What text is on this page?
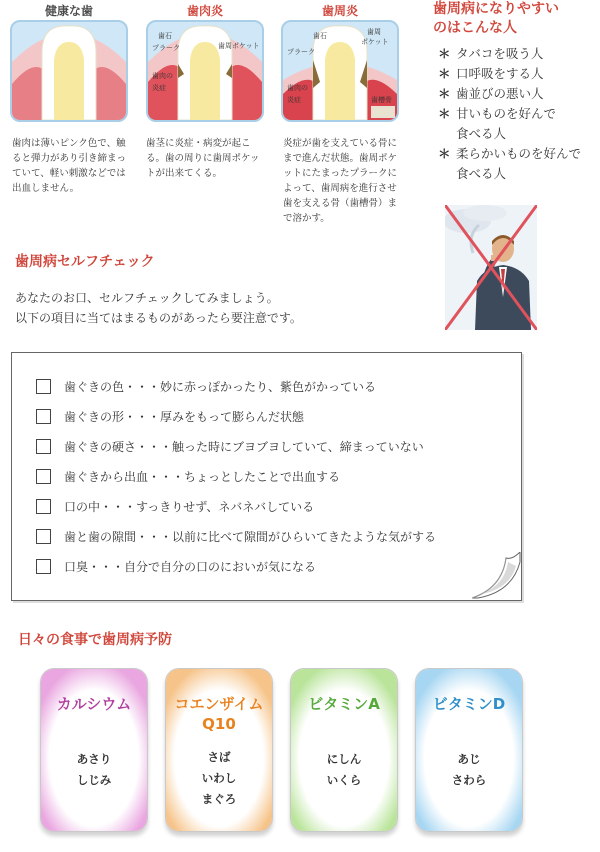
健康な歯
歯肉は薄いピンク色で、触ると弾力があり引き締まっていて、軽い刺激などでは出血しません。
歯肉炎
歯石
プラーク	歯周ポケット
歯肉の
炎症
歯茎に炎症・病変が起こる。歯の周りに歯周ポケットが出来てくる。
歯周炎
歯石	歯周
ポケット
プラーク
歯肉の
炎症	歯槽骨
炎症が歯を支えている骨にまで進んだ状態。歯周ポケットにたまったプラークによって、歯周病を進行させ歯を支える骨（歯槽骨）まで溶かす。
歯周病になりやすい
のはこんな人
＊ タバコを吸う人
＊ 口呼吸をする人
＊ 歯並びの悪い人
＊ 甘いものを好んで
食べる人
＊ 柔らかいものを好んで
食べる人
歯周病セルフチェック
あなたのお口、セルフチェックしてみましょう。
以下の項目に当てはまるものがあったら要注意です。
歯ぐきの色・・・妙に赤っぽかったり、紫色がかっている
歯ぐきの形・・・厚みをもって膨らんだ状態
歯ぐきの硬さ・・・触った時にブヨブヨしていて、締まっていない
歯ぐきから出血・・・ちょっとしたことで出血する
口の中・・・すっきりせず、ネバネバしている
歯と歯の隙間・・・以前に比べて隙間がひらいてきたような気がする
口臭・・・自分で自分の口のにおいが気になる
日々の食事で歯周病予防
カルシウム
あさり
しじみ
コエンザイム
Q10
さば
いわし
まぐろ
ビタミンA
にしん
いくら
ビタミンD
あじ
さわら
